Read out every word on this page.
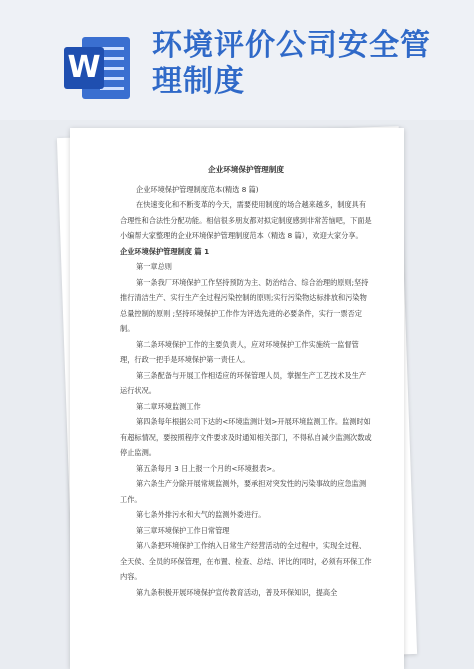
W
环境评价公司安全管理制度
企业环境保护管理制度

企业环境保护管理制度范本(精选 8 篇)

在快速变化和不断变革的今天，需要使用制度的场合越来越多，制度具有合理性和合法性分配功能。相信很多朋友都对拟定制度感到非常苦恼吧，下面是小编帮大家整理的企业环境保护管理制度范本（精选 8 篇），欢迎大家分享。

企业环境保护管理制度 篇 1

第一章总则

第一条我厂环境保护工作坚持预防为主、防治结合、综合治理的原则;坚持推行清洁生产、实行生产全过程污染控制的原则;实行污染物达标排放和污染物总量控制的原则 ;坚持环境保护工作作为评选先进的必要条件，实行一票否定制。

第二条环境保护工作的主要负责人，应对环境保护工作实施统一监督管理，行政一把手是环境保护第一责任人。

第三条配备与开展工作相适应的环保管理人员，掌握生产工艺技术及生产运行状况。

第二章环境监测工作

第四条每年根据公司下达的<环境监测计划>开展环境监测工作。监测时如有超标情况，要按照程序文件要求及时通知相关部门，不得私自减少监测次数或停止监测。

第五条每月 3 日上报一个月的<环境报表>。

第六条生产分除开展常规监测外，要承担对突发性的污染事故的应急监测工作。

第七条外排污水和大气的监测外委进行。

第三章环境保护工作日常管理

第八条把环境保护工作纳入日常生产经营活动的全过程中，实现全过程、全天侯、全员的环保管理，在布置、检查、总结、评比的同时，必须有环保工作内容。

第九条积极开展环境保护宣传教育活动，普及环保知识，提高全
